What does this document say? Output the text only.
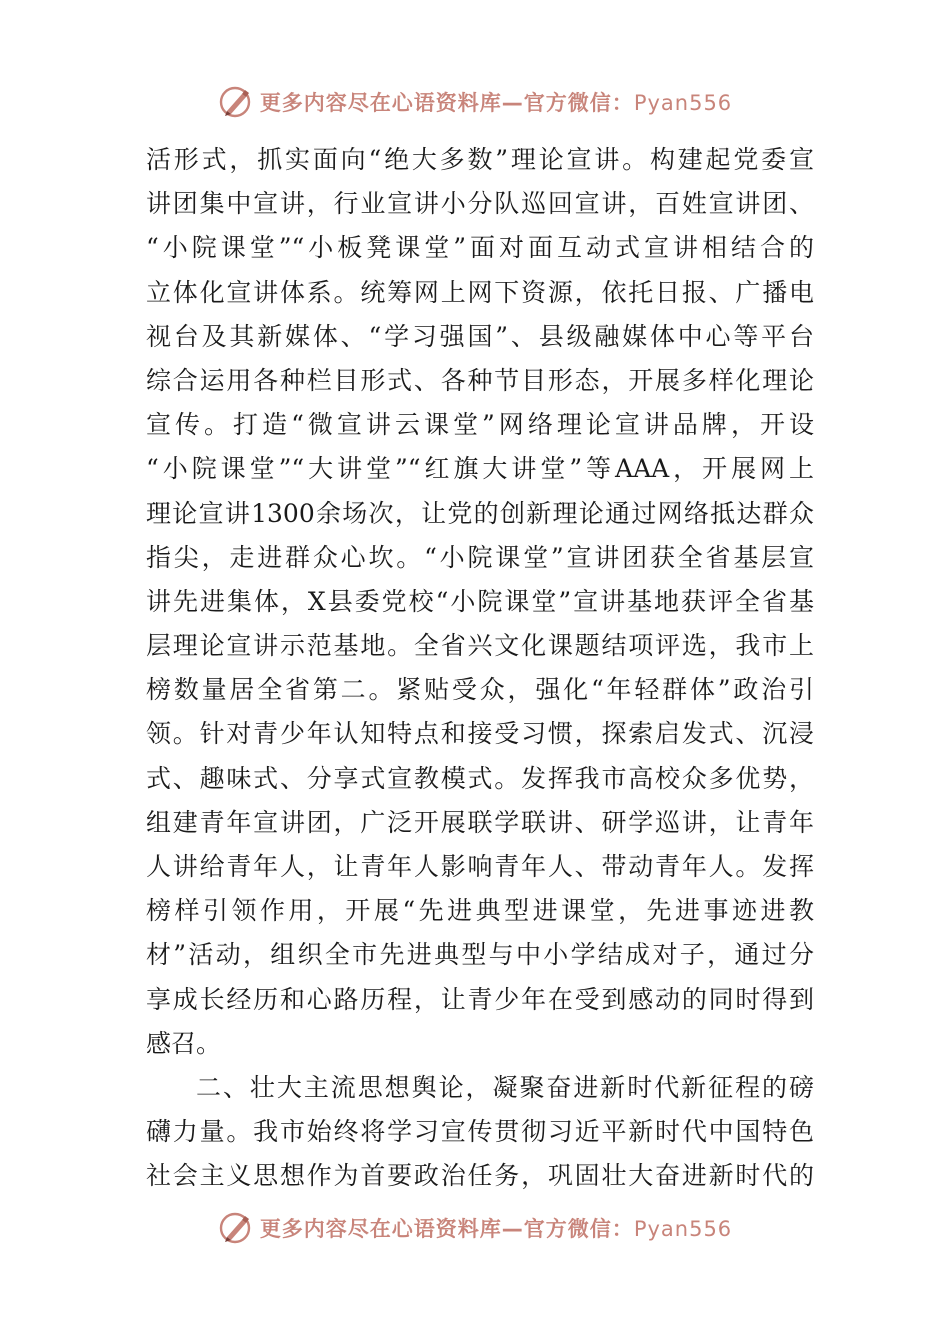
更多内容尽在心语资料库—官方微信：Pyan556
活形式，抓实面向“绝大多数”理论宣讲。构建起党委宣
讲团集中宣讲，行业宣讲小分队巡回宣讲，百姓宣讲团、
“小院课堂”“小板凳课堂”面对面互动式宣讲相结合的
立体化宣讲体系。统筹网上网下资源，依托日报、广播电
视台及其新媒体、“学习强国”、县级融媒体中心等平台
综合运用各种栏目形式、各种节目形态，开展多样化理论
宣传。打造“微宣讲云课堂”网络理论宣讲品牌，开设
“小院课堂”“大讲堂”“红旗大讲堂”等AAA，开展网上
理论宣讲1300余场次，让党的创新理论通过网络抵达群众
指尖，走进群众心坎。“小院课堂”宣讲团获全省基层宣
讲先进集体，X县委党校“小院课堂”宣讲基地获评全省基
层理论宣讲示范基地。全省兴文化课题结项评选，我市上
榜数量居全省第二。紧贴受众，强化“年轻群体”政治引
领。针对青少年认知特点和接受习惯，探索启发式、沉浸
式、趣味式、分享式宣教模式。发挥我市高校众多优势，
组建青年宣讲团，广泛开展联学联讲、研学巡讲，让青年
人讲给青年人，让青年人影响青年人、带动青年人。发挥
榜样引领作用，开展“先进典型进课堂，先进事迹进教
材”活动，组织全市先进典型与中小学结成对子，通过分
享成长经历和心路历程，让青少年在受到感动的同时得到
感召。
二、壮大主流思想舆论，凝聚奋进新时代新征程的磅
礴力量。我市始终将学习宣传贯彻习近平新时代中国特色
社会主义思想作为首要政治任务，巩固壮大奋进新时代的
更多内容尽在心语资料库—官方微信：Pyan556
